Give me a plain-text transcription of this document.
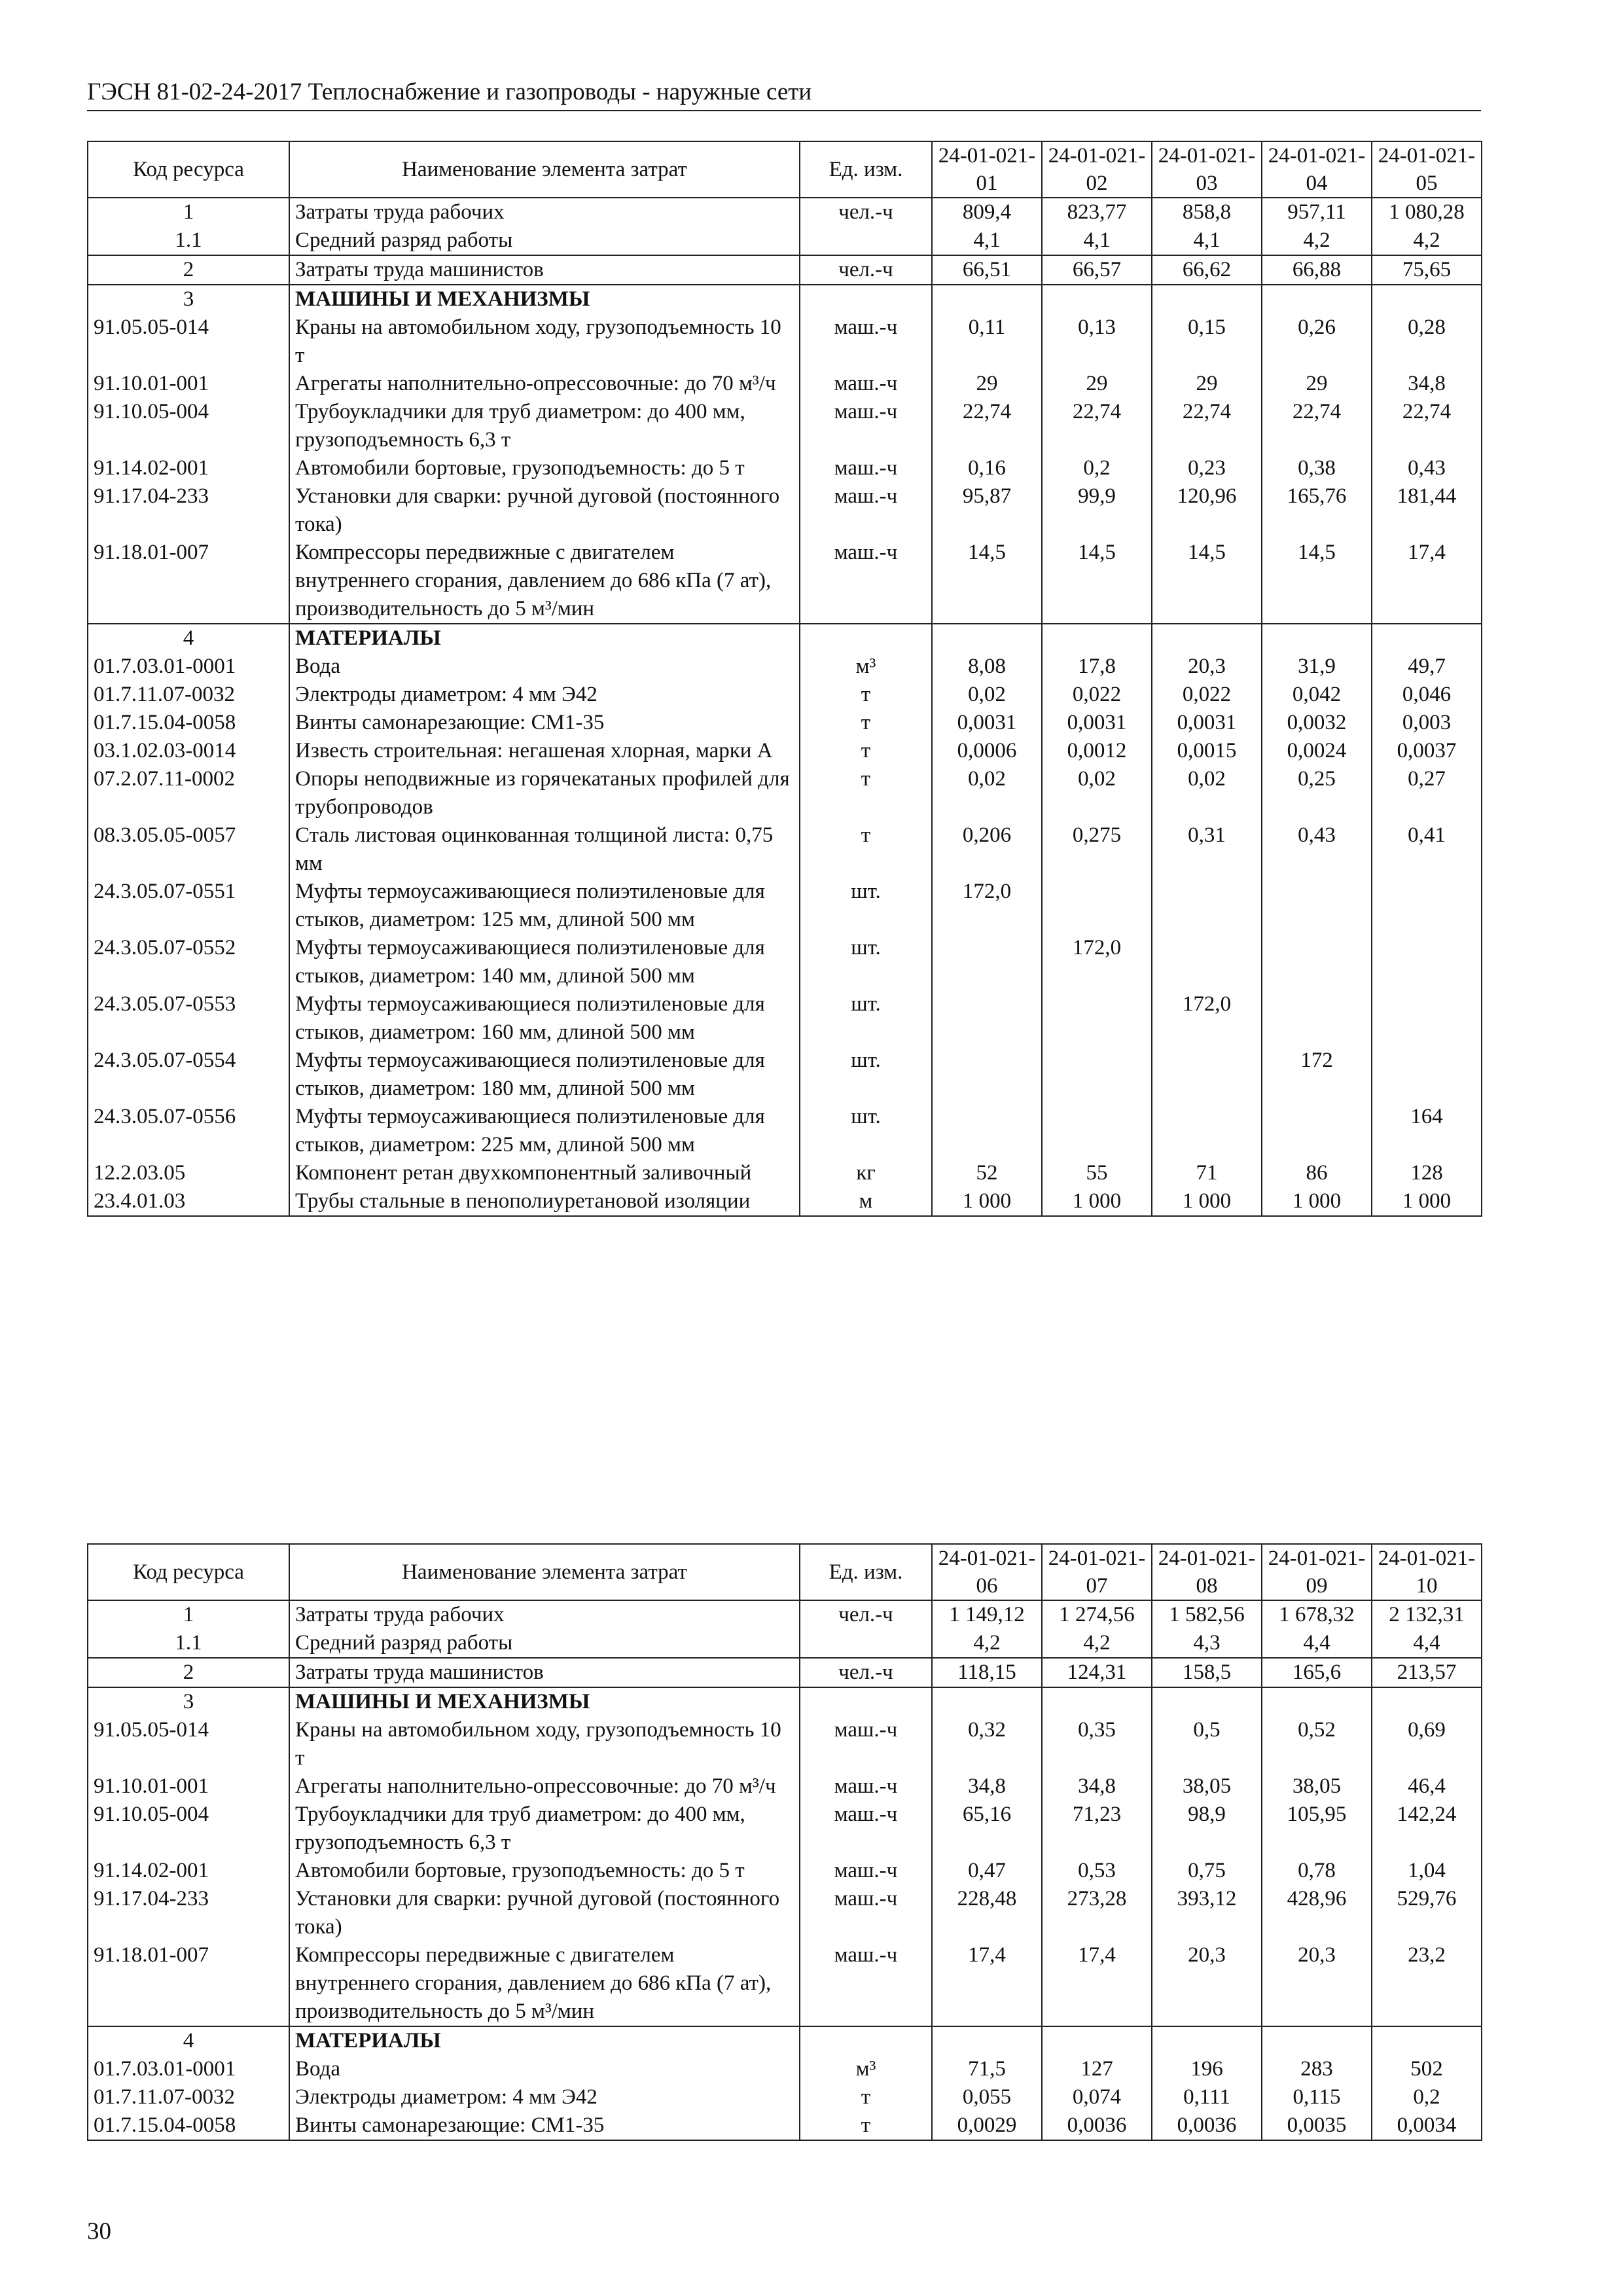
ГЭСН 81-02-24-2017 Теплоснабжение и газопроводы - наружные сети
Код ресурса	Наименование элемента затрат	Ед. изм.	24-01-021-01	24-01-021-02	24-01-021-03	24-01-021-04	24-01-021-05
1	Затраты труда рабочих	чел.-ч	809,4	823,77	858,8	957,11	1 080,28
1.1	Средний разряд работы		4,1	4,1	4,1	4,2	4,2
2	Затраты труда машинистов	чел.-ч	66,51	66,57	66,62	66,88	75,65
3	МАШИНЫ И МЕХАНИЗМЫ						
91.05.05-014	Краны на автомобильном ходу, грузоподъемность 10 т	маш.-ч	0,11	0,13	0,15	0,26	0,28
91.10.01-001	Агрегаты наполнительно-опрессовочные: до 70 м³/ч	маш.-ч	29	29	29	29	34,8
91.10.05-004	Трубоукладчики для труб диаметром: до 400 мм, грузоподъемность 6,3 т	маш.-ч	22,74	22,74	22,74	22,74	22,74
91.14.02-001	Автомобили бортовые, грузоподъемность: до 5 т	маш.-ч	0,16	0,2	0,23	0,38	0,43
91.17.04-233	Установки для сварки: ручной дуговой (постоянного тока)	маш.-ч	95,87	99,9	120,96	165,76	181,44
91.18.01-007	Компрессоры передвижные с двигателем внутреннего сгорания, давлением до 686 кПа (7 ат), производительность до 5 м³/мин	маш.-ч	14,5	14,5	14,5	14,5	17,4
4	МАТЕРИАЛЫ						
01.7.03.01-0001	Вода	м³	8,08	17,8	20,3	31,9	49,7
01.7.11.07-0032	Электроды диаметром: 4 мм Э42	т	0,02	0,022	0,022	0,042	0,046
01.7.15.04-0058	Винты самонарезающие: СМ1-35	т	0,0031	0,0031	0,0031	0,0032	0,003
03.1.02.03-0014	Известь строительная: негашеная хлорная, марки А	т	0,0006	0,0012	0,0015	0,0024	0,0037
07.2.07.11-0002	Опоры неподвижные из горячекатаных профилей для трубопроводов	т	0,02	0,02	0,02	0,25	0,27
08.3.05.05-0057	Сталь листовая оцинкованная толщиной листа: 0,75 мм	т	0,206	0,275	0,31	0,43	0,41
24.3.05.07-0551	Муфты термоусаживающиеся полиэтиленовые для стыков, диаметром: 125 мм, длиной 500 мм	шт.	172,0				
24.3.05.07-0552	Муфты термоусаживающиеся полиэтиленовые для стыков, диаметром: 140 мм, длиной 500 мм	шт.		172,0			
24.3.05.07-0553	Муфты термоусаживающиеся полиэтиленовые для стыков, диаметром: 160 мм, длиной 500 мм	шт.			172,0		
24.3.05.07-0554	Муфты термоусаживающиеся полиэтиленовые для стыков, диаметром: 180 мм, длиной 500 мм	шт.				172	
24.3.05.07-0556	Муфты термоусаживающиеся полиэтиленовые для стыков, диаметром: 225 мм, длиной 500 мм	шт.					164
12.2.03.05	Компонент ретан двухкомпонентный заливочный	кг	52	55	71	86	128
23.4.01.03	Трубы стальные в пенополиуретановой изоляции	м	1 000	1 000	1 000	1 000	1 000
Код ресурса	Наименование элемента затрат	Ед. изм.	24-01-021-06	24-01-021-07	24-01-021-08	24-01-021-09	24-01-021-10
1	Затраты труда рабочих	чел.-ч	1 149,12	1 274,56	1 582,56	1 678,32	2 132,31
1.1	Средний разряд работы		4,2	4,2	4,3	4,4	4,4
2	Затраты труда машинистов	чел.-ч	118,15	124,31	158,5	165,6	213,57
3	МАШИНЫ И МЕХАНИЗМЫ						
91.05.05-014	Краны на автомобильном ходу, грузоподъемность 10 т	маш.-ч	0,32	0,35	0,5	0,52	0,69
91.10.01-001	Агрегаты наполнительно-опрессовочные: до 70 м³/ч	маш.-ч	34,8	34,8	38,05	38,05	46,4
91.10.05-004	Трубоукладчики для труб диаметром: до 400 мм, грузоподъемность 6,3 т	маш.-ч	65,16	71,23	98,9	105,95	142,24
91.14.02-001	Автомобили бортовые, грузоподъемность: до 5 т	маш.-ч	0,47	0,53	0,75	0,78	1,04
91.17.04-233	Установки для сварки: ручной дуговой (постоянного тока)	маш.-ч	228,48	273,28	393,12	428,96	529,76
91.18.01-007	Компрессоры передвижные с двигателем внутреннего сгорания, давлением до 686 кПа (7 ат), производительность до 5 м³/мин	маш.-ч	17,4	17,4	20,3	20,3	23,2
4	МАТЕРИАЛЫ						
01.7.03.01-0001	Вода	м³	71,5	127	196	283	502
01.7.11.07-0032	Электроды диаметром: 4 мм Э42	т	0,055	0,074	0,111	0,115	0,2
01.7.15.04-0058	Винты самонарезающие: СМ1-35	т	0,0029	0,0036	0,0036	0,0035	0,0034
30
